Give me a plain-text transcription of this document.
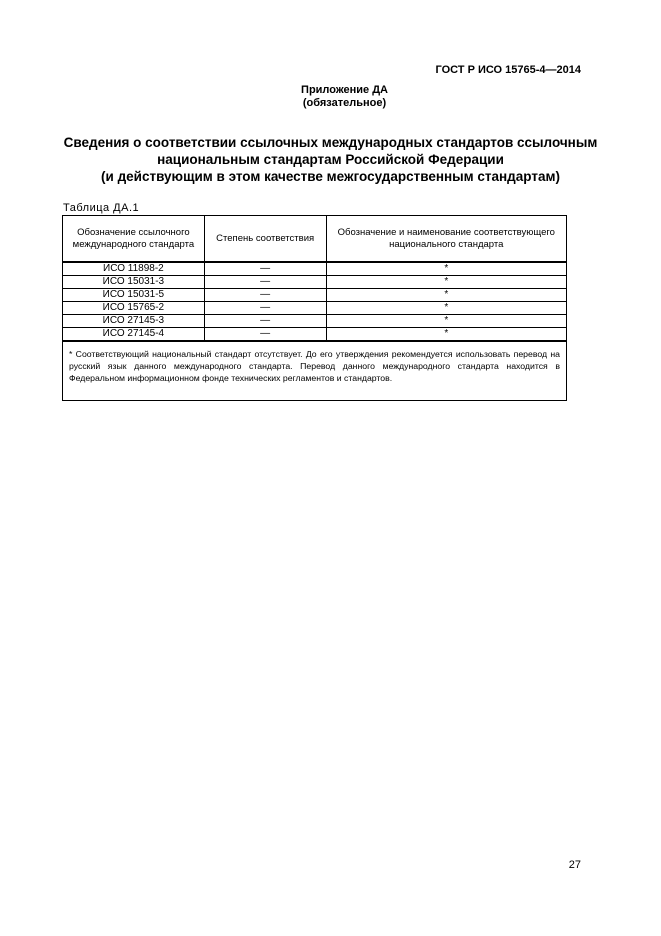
ГОСТ Р ИСО 15765-4—2014
Приложение ДА
(обязательное)
Сведения о соответствии ссылочных международных стандартов ссылочным
национальным стандартам Российской Федерации
(и действующим в этом качестве межгосударственным стандартам)
Таблица ДА.1
Обозначение ссылочного международного стандарта	Степень соответствия	Обозначение и наименование соответствующего национального стандарта
ИСО 11898-2	—	*
ИСО 15031-3	—	*
ИСО 15031-5	—	*
ИСО 15765-2	—	*
ИСО 27145-3	—	*
ИСО 27145-4	—	*
* Соответствующий национальный стандарт отсутствует. До его утверждения рекомендуется использовать перевод на русский язык данного международного стандарта. Перевод данного международного стандарта находится в Федеральном информационном фонде технических регламентов и стандартов.		
27
